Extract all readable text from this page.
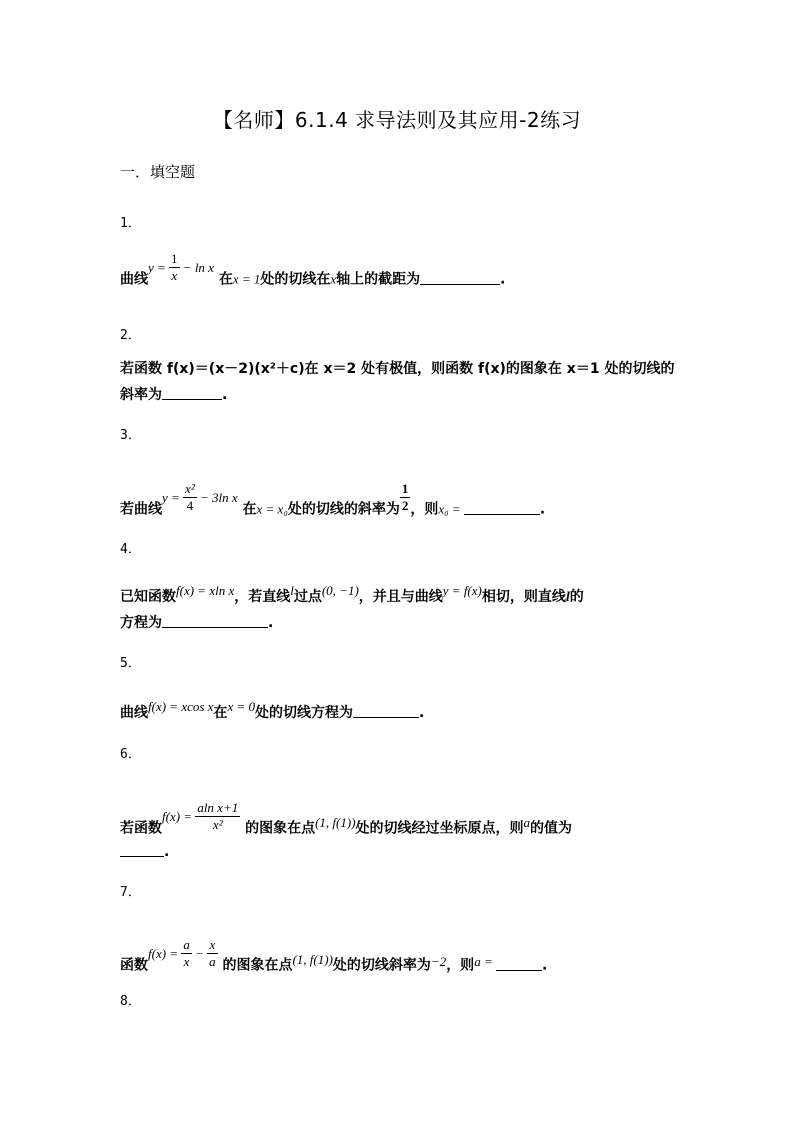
【名师】6.1.4 求导法则及其应用-2练习
一．填空题
1．
曲线$y = \frac{1}{x} - \ln x$ 在x = 1处的切线在x轴上的截距为	.
2．
若函数 f(x)＝(x－2)(x²＋c)在 x＝2 处有极值，则函数 f(x)的图象在 x＝1 处的切线的
斜率为	.
3．
若曲线$y = \frac{\text{x²}}{4} - 3\ln$ x 在x = x₀处的切线的斜率为 $\frac{1}{2}$ ，则x₀ =	.
4．
已知函数f(x) = xln x，若直线l过点(0, −1)，并且与曲线y = f(x)相切，则直线l的
方程为	.
5．
曲线f(x) = xcos x在x = 0处的切线方程为	.
6．
若函数$f(x) = \frac{\text{aln x+1}}{\text{x²}}$ 的图象在点(1, f(1))处的切线经过坐标原点，则a的值为
.
7．
函数$f(x) = \frac{a}{x} - \frac{x}{a}$ 的图象在点(1, f(1))处的切线斜率为−2，则a =	.
8．
